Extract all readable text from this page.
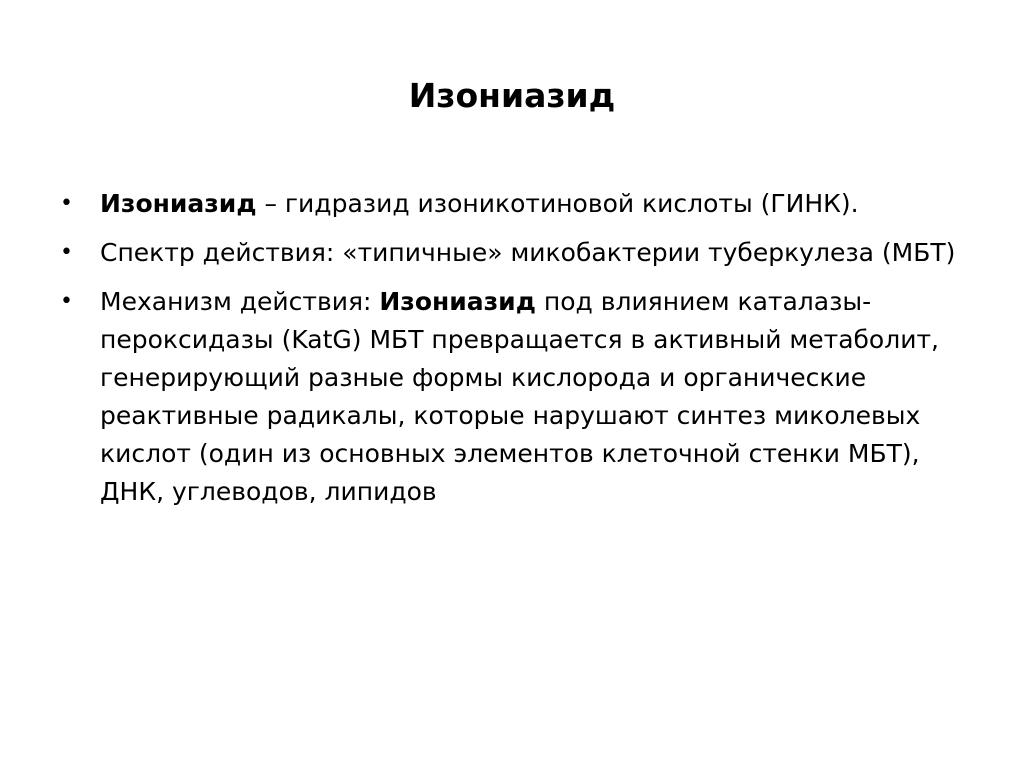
Изониазид
• Изониазид – гидразид изоникотиновой кислоты (ГИНК).
• Спектр действия: «типичные» микобактерии туберкулеза (МБТ)
• Механизм действия: Изониазид под влиянием каталазы-пероксидазы (KatG) МБТ превращается в активный метаболит, генерирующий разные формы кислорода и органические реактивные радикалы, которые нарушают синтез миколевых кислот (один из основных элементов клеточной стенки МБТ), ДНК, углеводов, липидов
